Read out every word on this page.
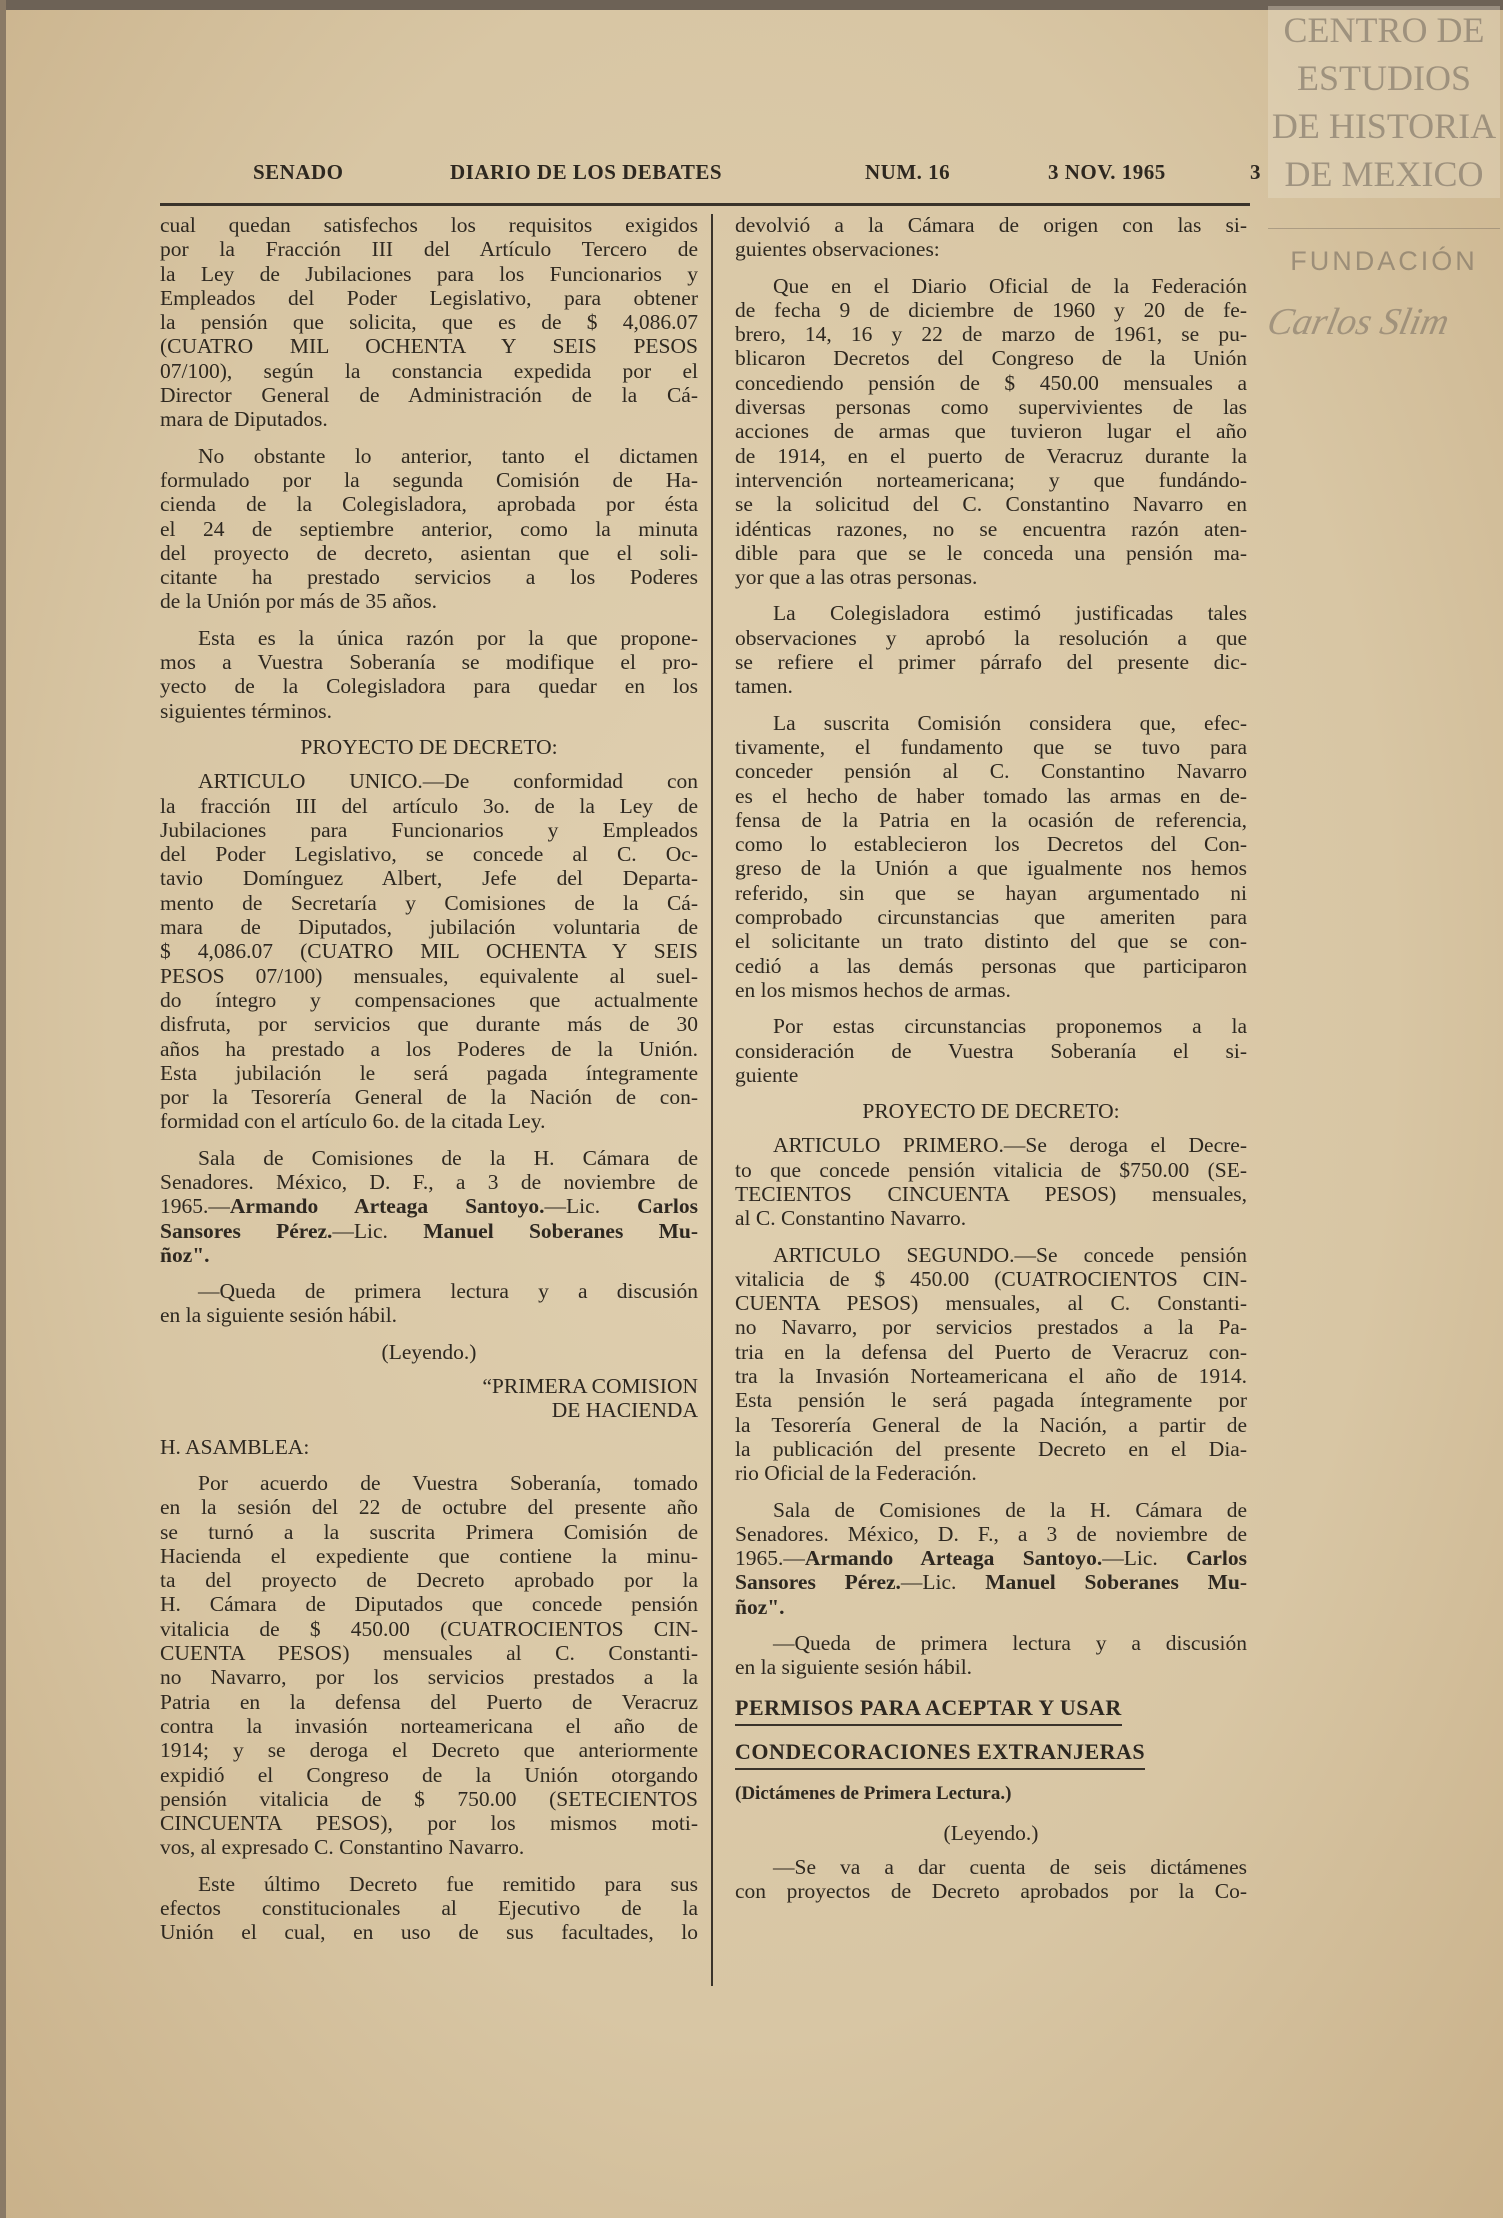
CENTRO DE
ESTUDIOS
DE HISTORIA
DE MEXICO
FUNDACIÓN
Carlos Slim
SENADO	DIARIO DE LOS DEBATES	NUM. 16	3 NOV. 1965	3
cual quedan satisfechos los requisitos exigidos
por la Fracción III del Artículo Tercero de
la Ley de Jubilaciones para los Funcionarios y
Empleados del Poder Legislativo, para obtener
la pensión que solicita, que es de $ 4,086.07
(CUATRO MIL OCHENTA Y SEIS PESOS
07/100), según la constancia expedida por el
Director General de Administración de la Cá-
mara de Diputados.
No obstante lo anterior, tanto el dictamen
formulado por la segunda Comisión de Ha-
cienda de la Colegisladora, aprobada por ésta
el 24 de septiembre anterior, como la minuta
del proyecto de decreto, asientan que el soli-
citante ha prestado servicios a los Poderes
de la Unión por más de 35 años.
Esta es la única razón por la que propone-
mos a Vuestra Soberanía se modifique el pro-
yecto de la Colegisladora para quedar en los
siguientes términos.
PROYECTO DE DECRETO:
ARTICULO UNICO.—De conformidad con
la fracción III del artículo 3o. de la Ley de
Jubilaciones para Funcionarios y Empleados
del Poder Legislativo, se concede al C. Oc-
tavio Domínguez Albert, Jefe del Departa-
mento de Secretaría y Comisiones de la Cá-
mara de Diputados, jubilación voluntaria de
$ 4,086.07 (CUATRO MIL OCHENTA Y SEIS
PESOS 07/100) mensuales, equivalente al suel-
do íntegro y compensaciones que actualmente
disfruta, por servicios que durante más de 30
años ha prestado a los Poderes de la Unión.
Esta jubilación le será pagada íntegramente
por la Tesorería General de la Nación de con-
formidad con el artículo 6o. de la citada Ley.
Sala de Comisiones de la H. Cámara de
Senadores. México, D. F., a 3 de noviembre de
1965.—Armando Arteaga Santoyo.—Lic. Carlos
Sansores Pérez.—Lic. Manuel Soberanes Mu-
ñoz".
—Queda de primera lectura y a discusión
en la siguiente sesión hábil.
(Leyendo.)
“PRIMERA COMISION
DE HACIENDA
H. ASAMBLEA:
Por acuerdo de Vuestra Soberanía, tomado
en la sesión del 22 de octubre del presente año
se turnó a la suscrita Primera Comisión de
Hacienda el expediente que contiene la minu-
ta del proyecto de Decreto aprobado por la
H. Cámara de Diputados que concede pensión
vitalicia de $ 450.00 (CUATROCIENTOS CIN-
CUENTA PESOS) mensuales al C. Constanti-
no Navarro, por los servicios prestados a la
Patria en la defensa del Puerto de Veracruz
contra la invasión norteamericana el año de
1914; y se deroga el Decreto que anteriormente
expidió el Congreso de la Unión otorgando
pensión vitalicia de $ 750.00 (SETECIENTOS
CINCUENTA PESOS), por los mismos moti-
vos, al expresado C. Constantino Navarro.
Este último Decreto fue remitido para sus
efectos constitucionales al Ejecutivo de la
Unión el cual, en uso de sus facultades, lo
devolvió a la Cámara de origen con las si-
guientes observaciones:
Que en el Diario Oficial de la Federación
de fecha 9 de diciembre de 1960 y 20 de fe-
brero, 14, 16 y 22 de marzo de 1961, se pu-
blicaron Decretos del Congreso de la Unión
concediendo pensión de $ 450.00 mensuales a
diversas personas como supervivientes de las
acciones de armas que tuvieron lugar el año
de 1914, en el puerto de Veracruz durante la
intervención norteamericana; y que fundándo-
se la solicitud del C. Constantino Navarro en
idénticas razones, no se encuentra razón aten-
dible para que se le conceda una pensión ma-
yor que a las otras personas.
La Colegisladora estimó justificadas tales
observaciones y aprobó la resolución a que
se refiere el primer párrafo del presente dic-
tamen.
La suscrita Comisión considera que, efec-
tivamente, el fundamento que se tuvo para
conceder pensión al C. Constantino Navarro
es el hecho de haber tomado las armas en de-
fensa de la Patria en la ocasión de referencia,
como lo establecieron los Decretos del Con-
greso de la Unión a que igualmente nos hemos
referido, sin que se hayan argumentado ni
comprobado circunstancias que ameriten para
el solicitante un trato distinto del que se con-
cedió a las demás personas que participaron
en los mismos hechos de armas.
Por estas circunstancias proponemos a la
consideración de Vuestra Soberanía el si-
guiente
PROYECTO DE DECRETO:
ARTICULO PRIMERO.—Se deroga el Decre-
to que concede pensión vitalicia de $750.00 (SE-
TECIENTOS CINCUENTA PESOS) mensuales,
al C. Constantino Navarro.
ARTICULO SEGUNDO.—Se concede pensión
vitalicia de $ 450.00 (CUATROCIENTOS CIN-
CUENTA PESOS) mensuales, al C. Constanti-
no Navarro, por servicios prestados a la Pa-
tria en la defensa del Puerto de Veracruz con-
tra la Invasión Norteamericana el año de 1914.
Esta pensión le será pagada íntegramente por
la Tesorería General de la Nación, a partir de
la publicación del presente Decreto en el Dia-
rio Oficial de la Federación.
Sala de Comisiones de la H. Cámara de
Senadores. México, D. F., a 3 de noviembre de
1965.—Armando Arteaga Santoyo.—Lic. Carlos
Sansores Pérez.—Lic. Manuel Soberanes Mu-
ñoz".
—Queda de primera lectura y a discusión
en la siguiente sesión hábil.
PERMISOS PARA ACEPTAR Y USAR
CONDECORACIONES EXTRANJERAS
(Dictámenes de Primera Lectura.)
(Leyendo.)
—Se va a dar cuenta de seis dictámenes
con proyectos de Decreto aprobados por la Co-
